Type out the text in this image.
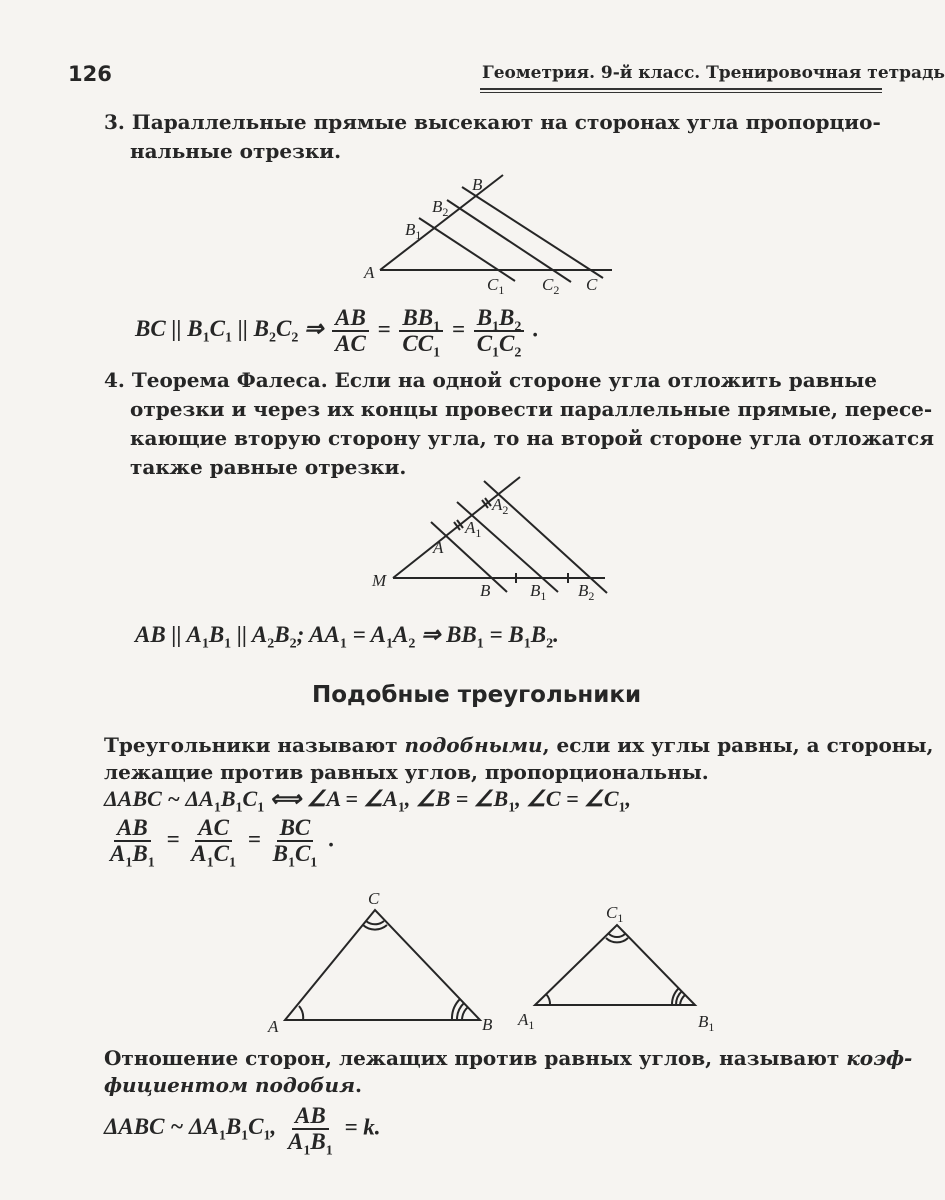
126	Геометрия. 9-й класс. Тренировочная тетрадь
3. Параллельные прямые высекают на сторонах угла пропорцио-
нальные отрезки.
A
B
$B_2$
$B_1$
$C_1$ $C_2$ C
M
A
$A_1$
$A_2$
B $B_1$ $B_2$
A	B
C
$A_1$	$B_1$
$C_1$
BC || $B_1C_1$ || $B_2C_2$ ⇒ $\frac{AB}{AC} = \frac{BB_1}{CC_1} = \frac{B_1B_2}{C_1C_2}$ .
4. Теорема Фалеса. Если на одной стороне угла отложить равные
отрезки и через их концы провести параллельные прямые, пересе-
кающие вторую сторону угла, то на второй стороне угла отложатся
также равные отрезки.
AB || $A_1B_1$ || $A_2B_2$; $AA_1 = A_1A_2$ ⇒ $BB_1 = B_1B_2$.
Подобные треугольники
Треугольники называют подобными, если их углы равны, а стороны,
лежащие против равных углов, пропорциональны.
ΔABC ~ $\Delta A_1B_1C_1$ ⟺ ∠A = $\angle A_1$, ∠B = $\angle B_1$, ∠C = $\angle C_1$,
$\frac{AB}{A_1B_1} = \frac{AC}{A_1C_1} = \frac{BC}{B_1C_1}$ .
Отношение сторон, лежащих против равных углов, называют коэф-
фициентом подобия.
ΔABC ~ $\Delta A_1B_1C_1$, $\frac{AB}{A_1B_1} = k$.
